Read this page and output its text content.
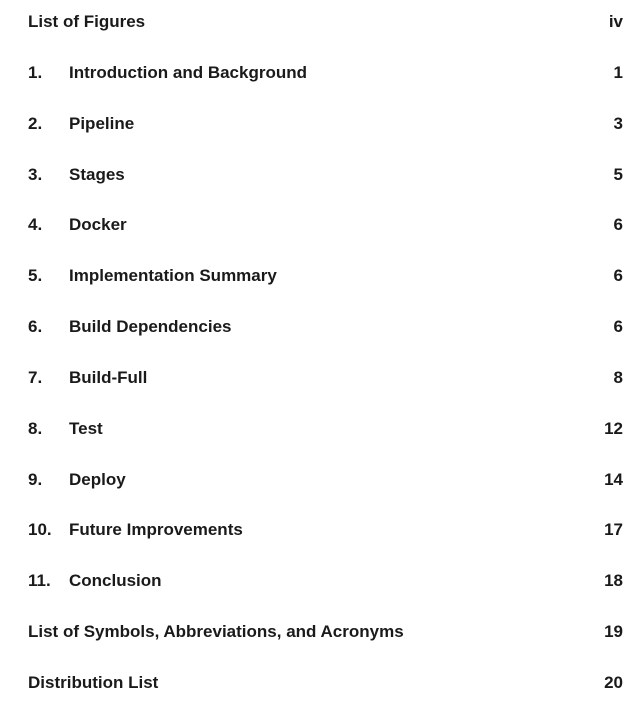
List of Figures	iv
1. Introduction and Background	1
2. Pipeline	3
3. Stages	5
4. Docker	6
5. Implementation Summary	6
6. Build Dependencies	6
7. Build-Full	8
8. Test	12
9. Deploy	14
10. Future Improvements	17
11. Conclusion	18
List of Symbols, Abbreviations, and Acronyms	19
Distribution List	20
